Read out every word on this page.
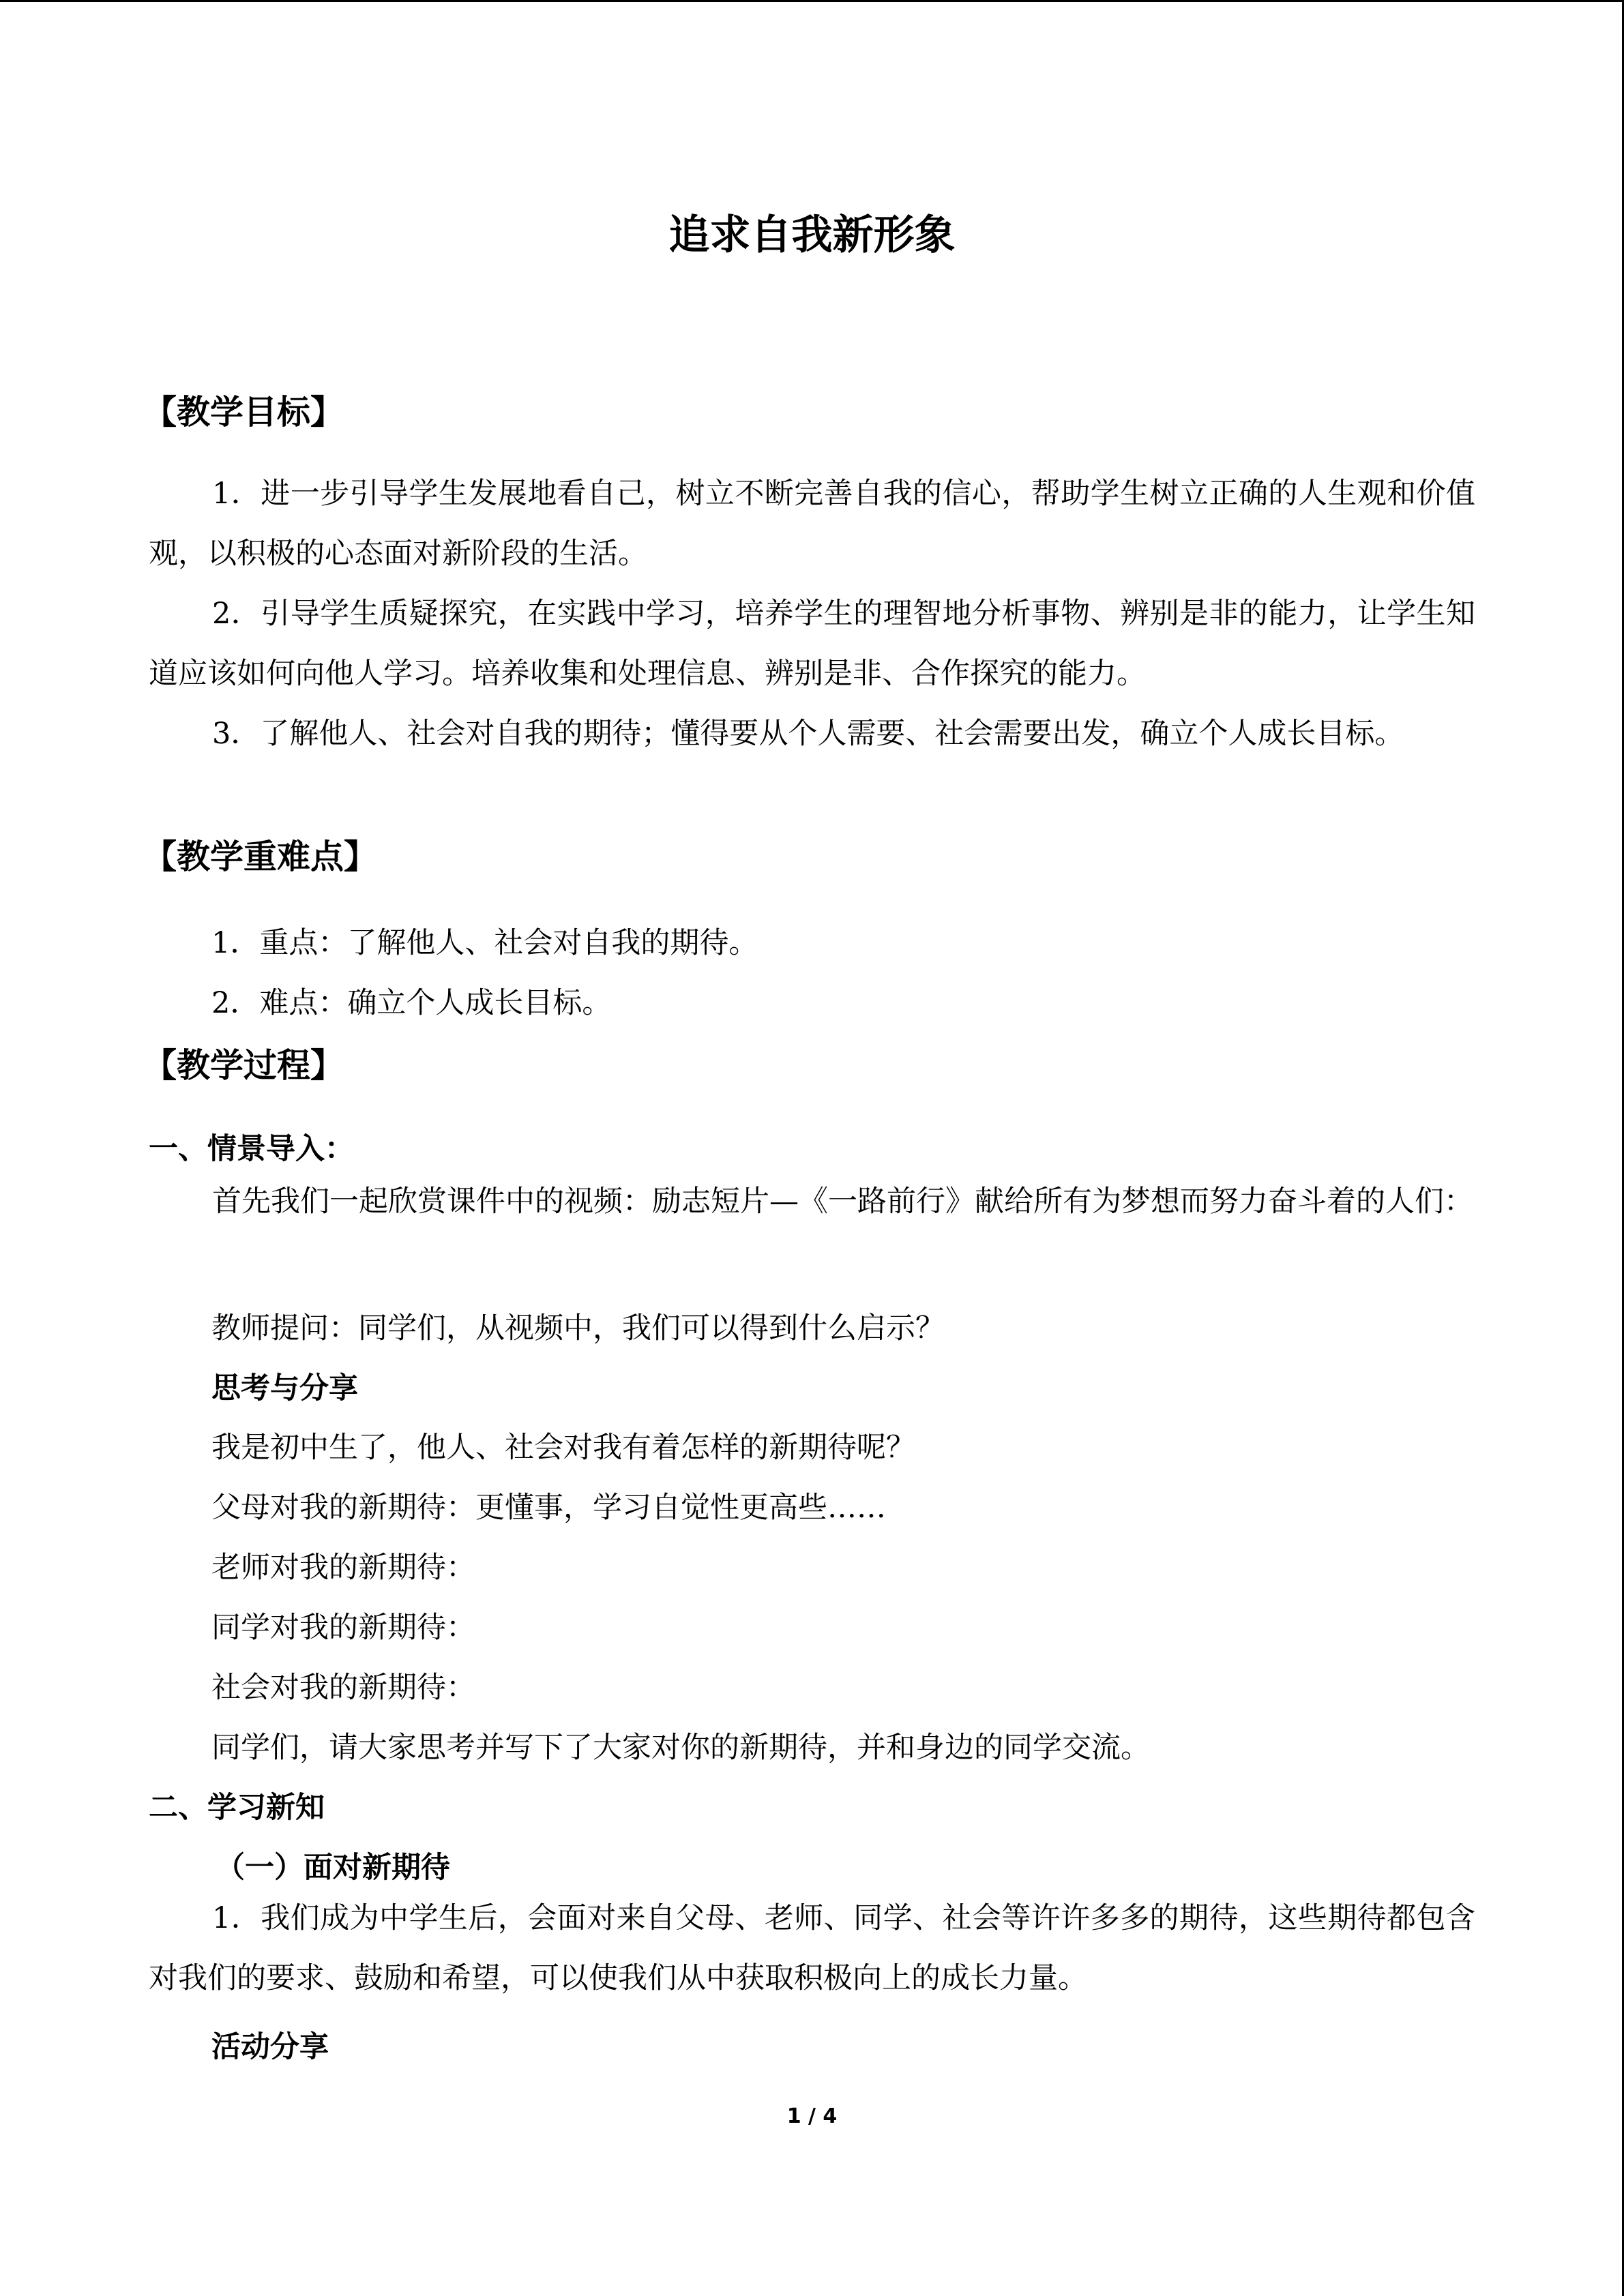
追求自我新形象
【教学目标】

1．进一步引导学生发展地看自己，树立不断完善自我的信心，帮助学生树立正确的人生观和价值观，以积极的心态面对新阶段的生活。

2．引导学生质疑探究，在实践中学习，培养学生的理智地分析事物、辨别是非的能力，让学生知道应该如何向他人学习。培养收集和处理信息、辨别是非、合作探究的能力。

3．了解他人、社会对自我的期待；懂得要从个人需要、社会需要出发，确立个人成长目标。

【教学重难点】

1．重点：了解他人、社会对自我的期待。

2．难点：确立个人成长目标。

【教学过程】
一、情景导入：

首先我们一起欣赏课件中的视频：励志短片—《一路前行》献给所有为梦想而努力奋斗着的人们：

教师提问：同学们，从视频中，我们可以得到什么启示？

思考与分享

我是初中生了，他人、社会对我有着怎样的新期待呢？

父母对我的新期待：更懂事，学习自觉性更高些……

老师对我的新期待：

同学对我的新期待：

社会对我的新期待：

同学们，请大家思考并写下了大家对你的新期待，并和身边的同学交流。

二、学习新知
（一）面对新期待

1．我们成为中学生后，会面对来自父母、老师、同学、社会等许许多多的期待，这些期待都包含对我们的要求、鼓励和希望，可以使我们从中获取积极向上的成长力量。

活动分享
1 / 4
